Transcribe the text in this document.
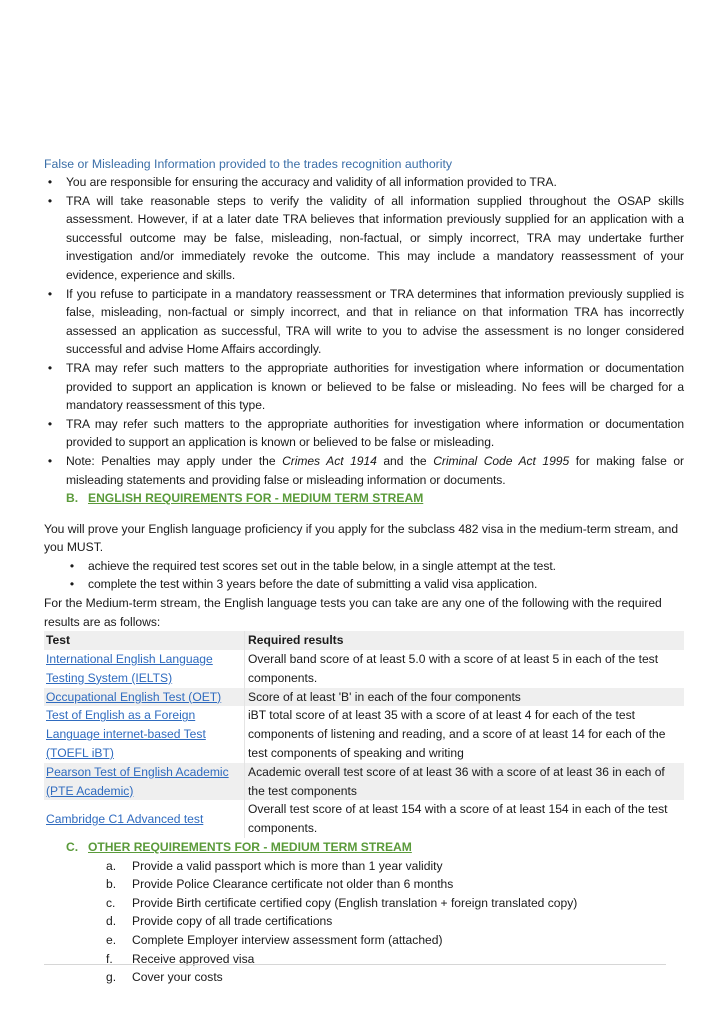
False or Misleading Information provided to the trades recognition authority
•	You are responsible for ensuring the accuracy and validity of all information provided to TRA.
•	TRA will take reasonable steps to verify the validity of all information supplied throughout the OSAP skills assessment. However, if at a later date TRA believes that information previously supplied for an application with a successful outcome may be false, misleading, non-factual, or simply incorrect, TRA may undertake further investigation and/or immediately revoke the outcome. This may include a mandatory reassessment of your evidence, experience and skills.
•	If you refuse to participate in a mandatory reassessment or TRA determines that information previously supplied is false, misleading, non-factual or simply incorrect, and that in reliance on that information TRA has incorrectly assessed an application as successful, TRA will write to you to advise the assessment is no longer considered successful and advise Home Affairs accordingly.
•	TRA may refer such matters to the appropriate authorities for investigation where information or documentation provided to support an application is known or believed to be false or misleading. No fees will be charged for a mandatory reassessment of this type.
•	TRA may refer such matters to the appropriate authorities for investigation where information or documentation provided to support an application is known or believed to be false or misleading.
•	Note: Penalties may apply under the Crimes Act 1914 and the Criminal Code Act 1995 for making false or misleading statements and providing false or misleading information or documents.
B. ENGLISH REQUIREMENTS FOR - MEDIUM TERM STREAM

You will prove your English language proficiency if you apply for the subclass 482 visa in the medium-term stream, and you MUST.

•	achieve the required test scores set out in the table below, in a single attempt at the test.
•	complete the test within 3 years before the date of submitting a valid visa application.

For the Medium-term stream, the English language tests you can take are any one of the following with the required results are as follows:

Test	Required results
International English Language Testing System (IELTS)	Overall band score of at least 5.0 with a score of at least 5 in each of the test components.
Occupational English Test (OET)	Score of at least 'B' in each of the four components
Test of English as a Foreign Language internet-based Test (TOEFL iBT)	iBT total score of at least 35 with a score of at least 4 for each of the test components of listening and reading, and a score of at least 14 for each of the test components of speaking and writing
Pearson Test of English Academic (PTE Academic)	Academic overall test score of at least 36 with a score of at least 36 in each of the test components
Cambridge C1 Advanced test	Overall test score of at least 154 with a score of at least 154 in each of the test components.
C. OTHER REQUIREMENTS FOR - MEDIUM TERM STREAM
a. Provide a valid passport which is more than 1 year validity
b. Provide Police Clearance certificate not older than 6 months
c. Provide Birth certificate certified copy (English translation + foreign translated copy)
d. Provide copy of all trade certifications
e. Complete Employer interview assessment form (attached)
f. Receive approved visa
g. Cover your costs
